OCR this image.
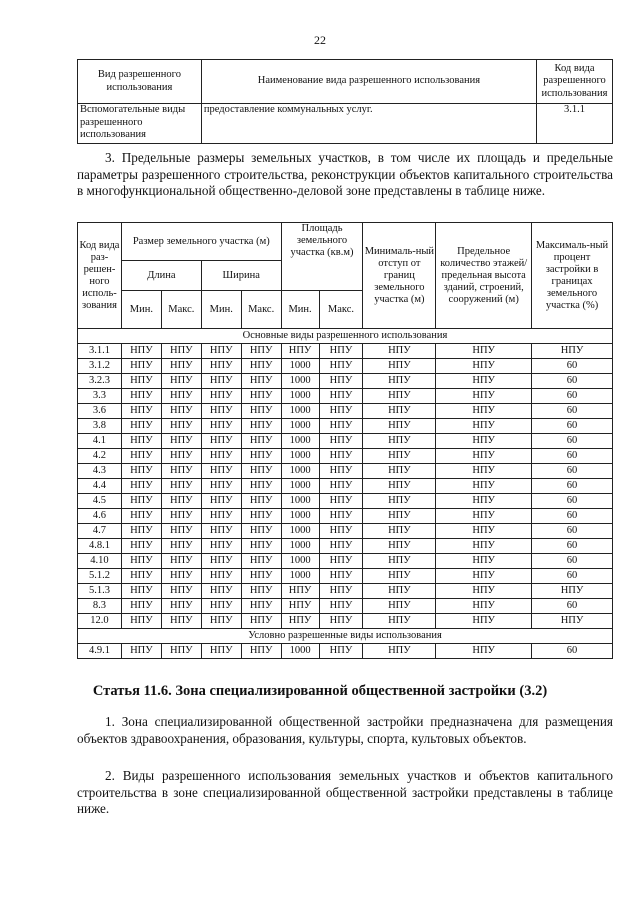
22
Вид разрешенного использования	Наименование вида разрешенного использования	Код вида разрешенного использования
Вспомогательные виды разрешенного использования	предоставление коммунальных услуг.	3.1.1

3. Предельные размеры земельных участков, в том числе их площадь и предельные параметры разрешенного строительства, реконструкции объектов капитального строительства в многофункциональной общественно-деловой зоне представлены в таблице ниже.

Код вида раз-решен-ного исполь-зования	Размер земельного участка (м)				Площадь земельного участка (кв.м)		Минималь-ный отступ от границ земельного участка (м)	Предельное количество этажей/ предельная высота зданий, строений, сооружений (м)	Максималь-ный процент застройки в границах земельного участка (%)
	Длина		Ширина						
	Мин.	Макс.	Мин.	Макс.	Мин.	Макс.			
Основные виды разрешенного использования									
3.1.1	НПУ	НПУ	НПУ	НПУ	НПУ	НПУ	НПУ	НПУ	НПУ
3.1.2	НПУ	НПУ	НПУ	НПУ	1000	НПУ	НПУ	НПУ	60
3.2.3	НПУ	НПУ	НПУ	НПУ	1000	НПУ	НПУ	НПУ	60
3.3	НПУ	НПУ	НПУ	НПУ	1000	НПУ	НПУ	НПУ	60
3.6	НПУ	НПУ	НПУ	НПУ	1000	НПУ	НПУ	НПУ	60
3.8	НПУ	НПУ	НПУ	НПУ	1000	НПУ	НПУ	НПУ	60
4.1	НПУ	НПУ	НПУ	НПУ	1000	НПУ	НПУ	НПУ	60
4.2	НПУ	НПУ	НПУ	НПУ	1000	НПУ	НПУ	НПУ	60
4.3	НПУ	НПУ	НПУ	НПУ	1000	НПУ	НПУ	НПУ	60
4.4	НПУ	НПУ	НПУ	НПУ	1000	НПУ	НПУ	НПУ	60
4.5	НПУ	НПУ	НПУ	НПУ	1000	НПУ	НПУ	НПУ	60
4.6	НПУ	НПУ	НПУ	НПУ	1000	НПУ	НПУ	НПУ	60
4.7	НПУ	НПУ	НПУ	НПУ	1000	НПУ	НПУ	НПУ	60
4.8.1	НПУ	НПУ	НПУ	НПУ	1000	НПУ	НПУ	НПУ	60
4.10	НПУ	НПУ	НПУ	НПУ	1000	НПУ	НПУ	НПУ	60
5.1.2	НПУ	НПУ	НПУ	НПУ	1000	НПУ	НПУ	НПУ	60
5.1.3	НПУ	НПУ	НПУ	НПУ	НПУ	НПУ	НПУ	НПУ	НПУ
8.3	НПУ	НПУ	НПУ	НПУ	НПУ	НПУ	НПУ	НПУ	60
12.0	НПУ	НПУ	НПУ	НПУ	НПУ	НПУ	НПУ	НПУ	НПУ
Условно разрешенные виды использования									
4.9.1	НПУ	НПУ	НПУ	НПУ	1000	НПУ	НПУ	НПУ	60
Статья 11.6. Зона специализированной общественной застройки (3.2)

1. Зона специализированной общественной застройки предназначена для размещения объектов здравоохранения, образования, культуры, спорта, культовых объектов.

2. Виды разрешенного использования земельных участков и объектов капитального строительства в зоне специализированной общественной застройки представлены в таблице ниже.
